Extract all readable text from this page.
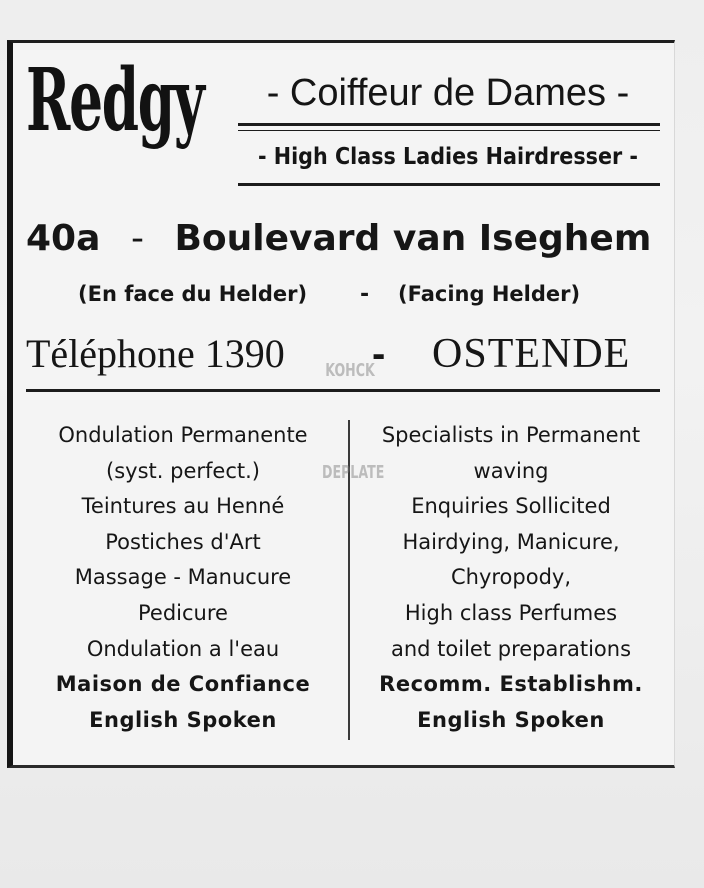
Redgy	- Coiffeur de Dames -
- High Class Ladies Hairdresser -
40a - Boulevard van Iseghem
(En face du Helder) - (Facing Helder)
Téléphone 1390 - OSTENDE
Ondulation Permanente
(syst. perfect.)
Teintures au Henné
Postiches d'Art
Massage - Manucure
Pedicure
Ondulation a l'eau
Maison de Confiance
English Spoken
Specialists in Permanent
waving
Enquiries Sollicited
Hairdying, Manicure,
Chyropody,
High class Perfumes
and toilet preparations
Recomm. Establishm.
English Spoken
KOHCK
DEPLATE
